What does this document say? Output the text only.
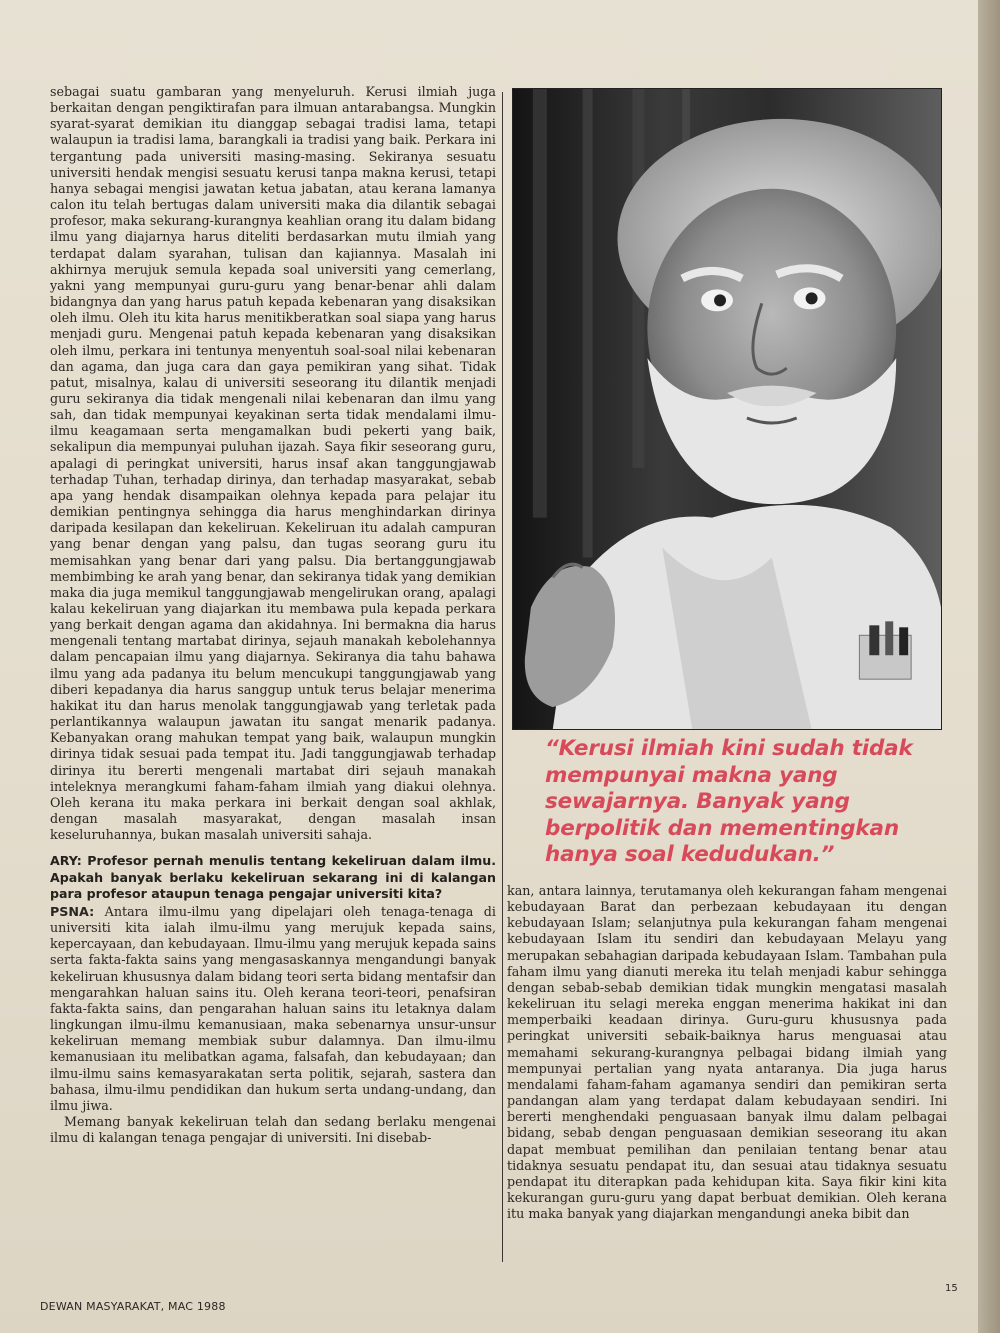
sebagai suatu gambaran yang menyeluruh. Kerusi ilmiah juga berkaitan dengan pengiktirafan para ilmuan antarabangsa. Mungkin syarat-syarat demikian itu dianggap sebagai tradisi lama, tetapi walaupun ia tradisi lama, barangkali ia tradisi yang baik. Perkara ini tergantung pada universiti masing-masing. Sekiranya sesuatu universiti hendak mengisi sesuatu kerusi tanpa makna kerusi, tetapi hanya sebagai mengisi jawatan ketua jabatan, atau kerana lamanya calon itu telah bertugas dalam universiti maka dia dilantik sebagai profesor, maka sekurang-kurangnya keahlian orang itu dalam bidang ilmu yang diajarnya harus diteliti berdasarkan mutu ilmiah yang terdapat dalam syarahan, tulisan dan kajiannya. Masalah ini akhirnya merujuk semula kepada soal universiti yang cemerlang, yakni yang mempunyai guru-guru yang benar-benar ahli dalam bidangnya dan yang harus patuh kepada kebenaran yang disaksikan oleh ilmu. Oleh itu kita harus menitikberatkan soal siapa yang harus menjadi guru. Mengenai patuh kepada kebenaran yang disaksikan oleh ilmu, perkara ini tentunya menyentuh soal-soal nilai kebenaran dan agama, dan juga cara dan gaya pemikiran yang sihat. Tidak patut, misalnya, kalau di universiti seseorang itu dilantik menjadi guru sekiranya dia tidak mengenali nilai kebenaran dan ilmu yang sah, dan tidak mempunyai keyakinan serta tidak mendalami ilmu-ilmu keagamaan serta mengamalkan budi pekerti yang baik, sekalipun dia mempunyai puluhan ijazah. Saya fikir seseorang guru, apalagi di peringkat universiti, harus insaf akan tanggungjawab terhadap Tuhan, terhadap dirinya, dan terhadap masyarakat, sebab apa yang hendak disampaikan olehnya kepada para pelajar itu demikian pentingnya sehingga dia harus menghindarkan dirinya daripada kesilapan dan kekeliruan. Kekeliruan itu adalah campuran yang benar dengan yang palsu, dan tugas seorang guru itu memisahkan yang benar dari yang palsu. Dia bertanggungjawab membimbing ke arah yang benar, dan sekiranya tidak yang demikian maka dia juga memikul tanggungjawab mengelirukan orang, apalagi kalau kekeliruan yang diajarkan itu membawa pula kepada perkara yang berkait dengan agama dan akidahnya. Ini bermakna dia harus mengenali tentang martabat dirinya, sejauh manakah kebolehannya dalam pencapaian ilmu yang diajarnya. Sekiranya dia tahu bahawa ilmu yang ada padanya itu belum mencukupi tanggungjawab yang diberi kepadanya dia harus sanggup untuk terus belajar menerima hakikat itu dan harus menolak tanggungjawab yang terletak pada perlantikannya walaupun jawatan itu sangat menarik padanya. Kebanyakan orang mahukan tempat yang baik, walaupun mungkin dirinya tidak sesuai pada tempat itu. Jadi tanggungjawab terhadap dirinya itu bererti mengenali martabat diri sejauh manakah inteleknya merangkumi faham-faham ilmiah yang diakui olehnya. Oleh kerana itu maka perkara ini berkait dengan soal akhlak, dengan masalah masyarakat, dengan masalah insan keseluruhannya, bukan masalah universiti sahaja.

ARY: Profesor pernah menulis tentang kekeliruan dalam ilmu. Apakah banyak berlaku kekeliruan sekarang ini di kalangan para profesor ataupun tenaga pengajar universiti kita?

PSNA: Antara ilmu-ilmu yang dipelajari oleh tenaga-tenaga di universiti kita ialah ilmu-ilmu yang merujuk kepada sains, kepercayaan, dan kebudayaan. Ilmu-ilmu yang merujuk kepada sains serta fakta-fakta sains yang mengasaskannya mengandungi banyak kekeliruan khususnya dalam bidang teori serta bidang mentafsir dan mengarahkan haluan sains itu. Oleh kerana teori-teori, penafsiran fakta-fakta sains, dan pengarahan haluan sains itu letaknya dalam lingkungan ilmu-ilmu kemanusiaan, maka sebenarnya unsur-unsur kekeliruan memang membiak subur dalamnya. Dan ilmu-ilmu kemanusiaan itu melibatkan agama, falsafah, dan kebudayaan; dan ilmu-ilmu sains kemasyarakatan serta politik, sejarah, sastera dan bahasa, ilmu-ilmu pendidikan dan hukum serta undang-undang, dan ilmu jiwa.

Memang banyak kekeliruan telah dan sedang berlaku mengenai ilmu di kalangan tenaga pengajar di universiti. Ini disebab-

“Kerusi ilmiah kini sudah tidak mempunyai makna yang sewajarnya. Banyak yang berpolitik dan mementingkan hanya soal kedudukan.”

kan, antara lainnya, terutamanya oleh kekurangan faham mengenai kebudayaan Barat dan perbezaan kebudayaan itu dengan kebudayaan Islam; selanjutnya pula kekurangan faham mengenai kebudayaan Islam itu sendiri dan kebudayaan Melayu yang merupakan sebahagian daripada kebudayaan Islam. Tambahan pula faham ilmu yang dianuti mereka itu telah menjadi kabur sehingga dengan sebab-sebab demikian tidak mungkin mengatasi masalah kekeliruan itu selagi mereka enggan menerima hakikat ini dan memperbaiki keadaan dirinya. Guru-guru khususnya pada peringkat universiti sebaik-baiknya harus menguasai atau memahami sekurang-kurangnya pelbagai bidang ilmiah yang mempunyai pertalian yang nyata antaranya. Dia juga harus mendalami faham-faham agamanya sendiri dan pemikiran serta pandangan alam yang terdapat dalam kebudayaan sendiri. Ini bererti menghendaki penguasaan banyak ilmu dalam pelbagai bidang, sebab dengan penguasaan demikian seseorang itu akan dapat membuat pemilihan dan penilaian tentang benar atau tidaknya sesuatu pendapat itu, dan sesuai atau tidaknya sesuatu pendapat itu diterapkan pada kehidupan kita. Saya fikir kini kita kekurangan guru-guru yang dapat berbuat demikian. Oleh kerana itu maka banyak yang diajarkan mengandungi aneka bibit dan

DEWAN MASYARAKAT, MAC 1988
15
